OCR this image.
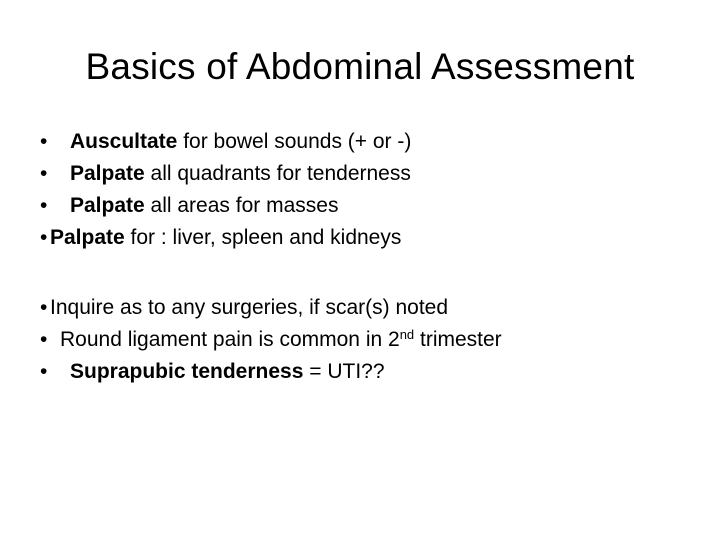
Basics of Abdominal Assessment
• Auscultate for bowel sounds (+ or -)
• Palpate all quadrants for tenderness
• Palpate all areas for masses
• Palpate for : liver, spleen and kidneys
• Inquire as to any surgeries, if scar(s) noted
• Round ligament pain is common in 2nd trimester
• Suprapubic tenderness = UTI??
